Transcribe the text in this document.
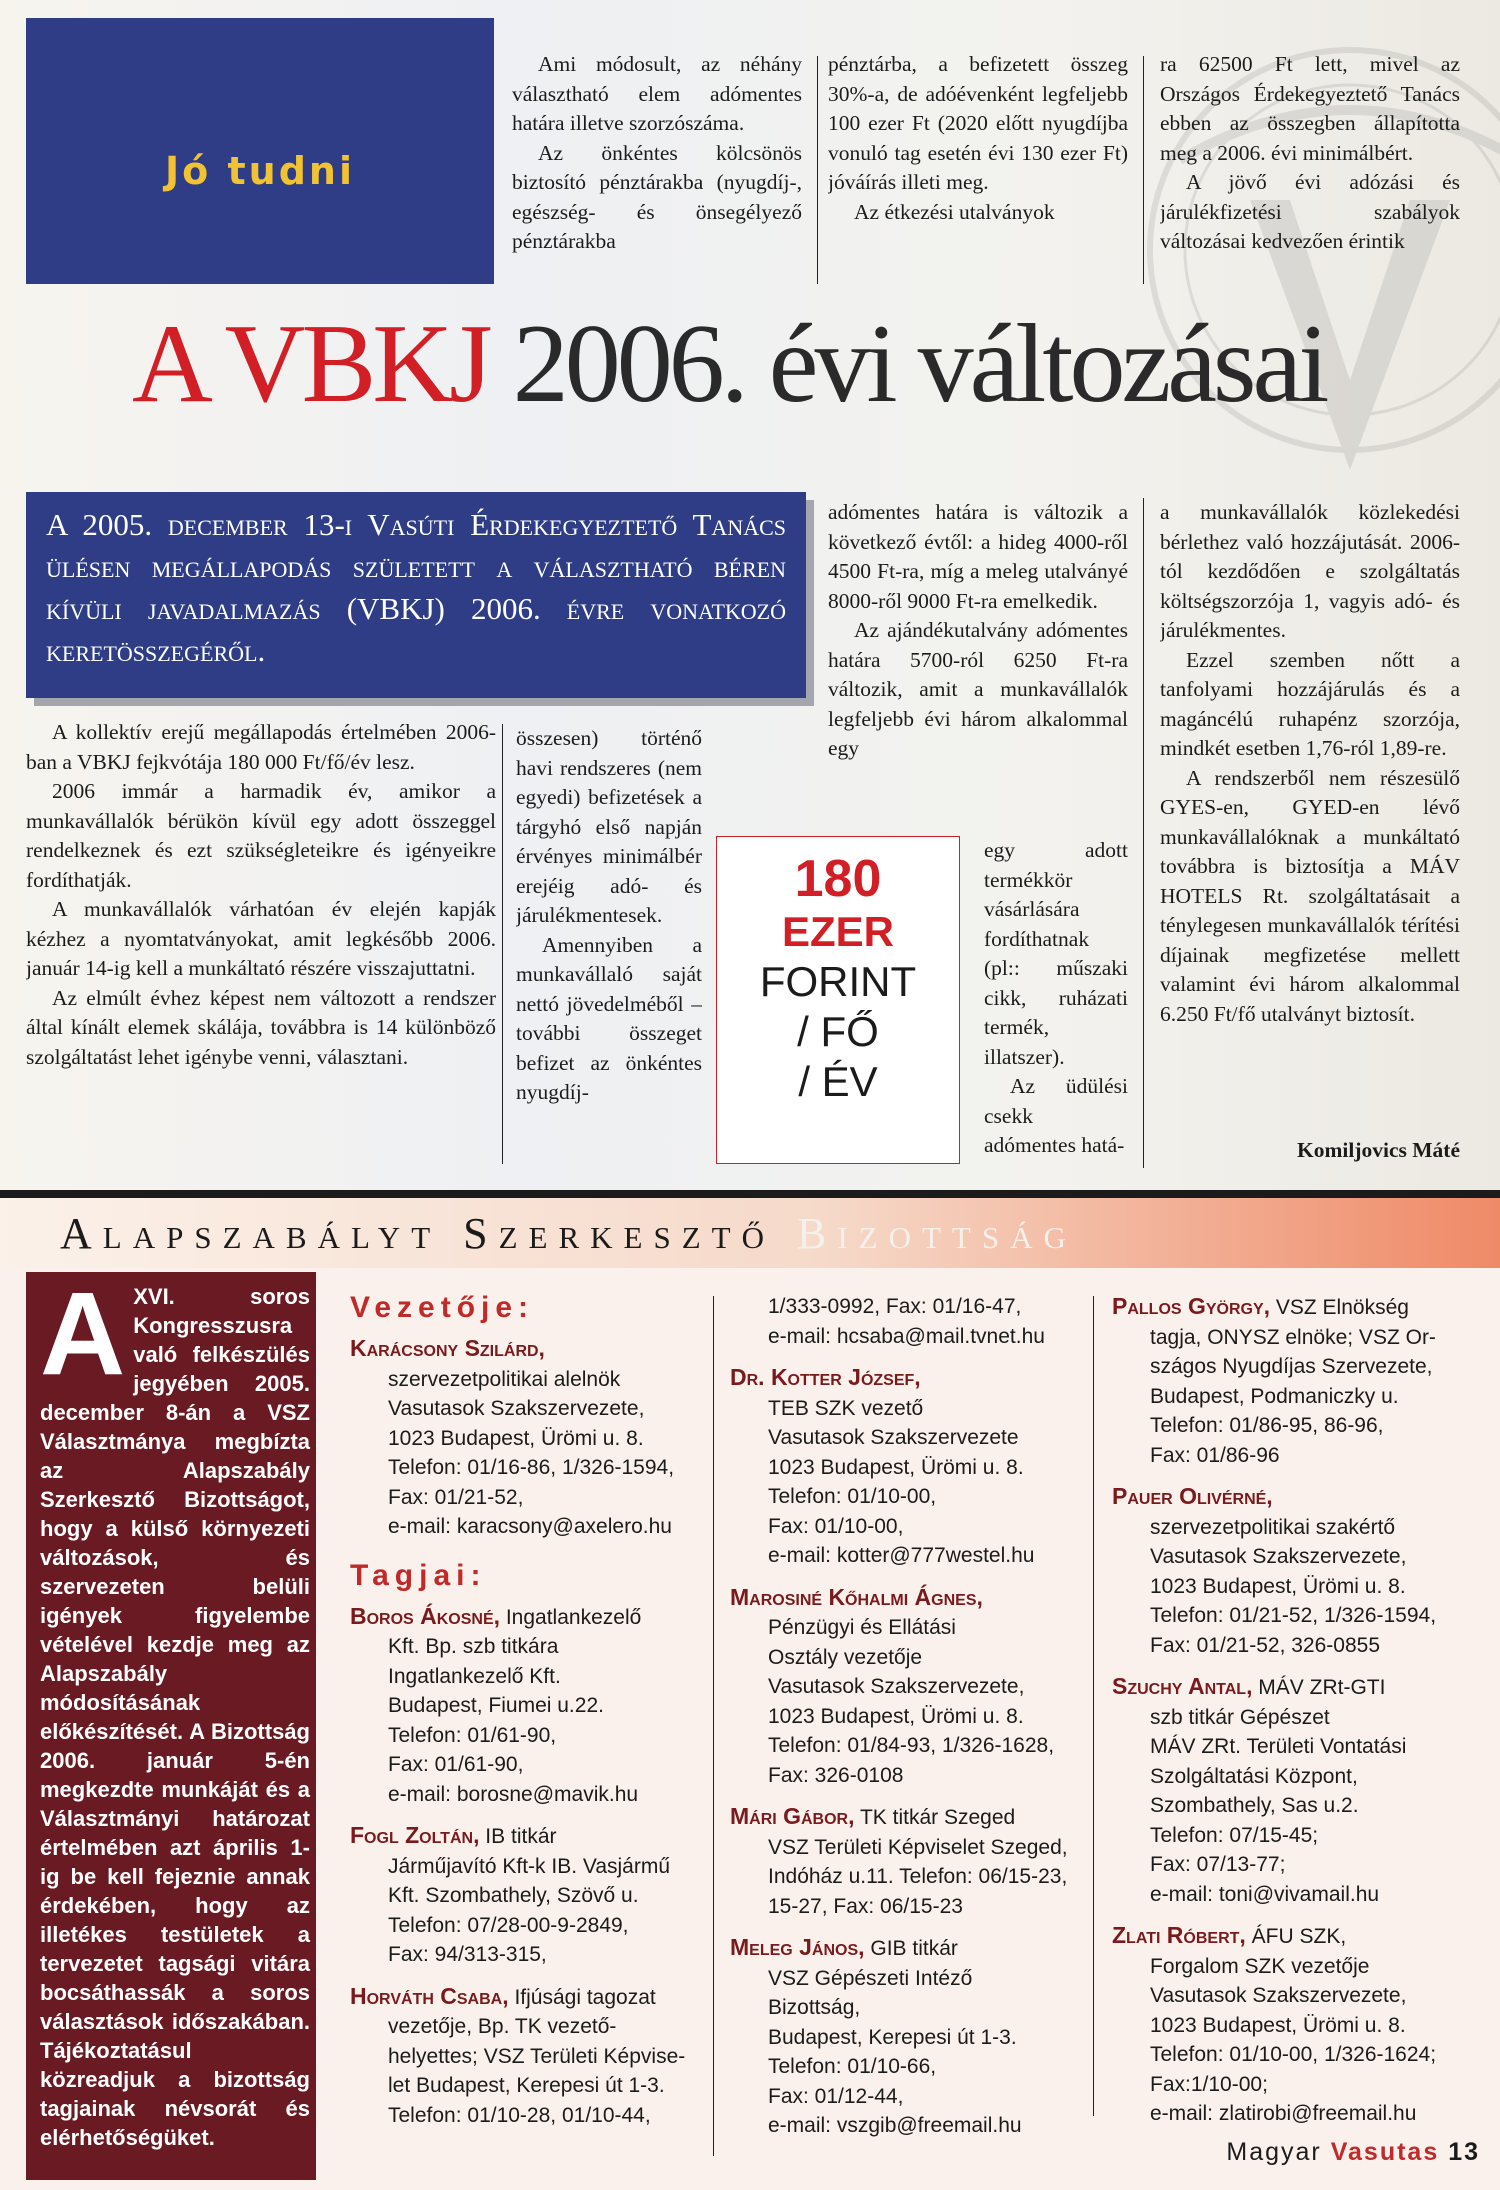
Jó tudni

Ami módosult, az néhány választható elem adómentes határa illetve szorzószáma.

Az önkéntes kölcsönös biztosító pénztárakba (nyugdíj-, egészség- és önsegélyező pénztárakba

pénztárba, a befizetett összeg 30%-a, de adóévenként legfeljebb 100 ezer Ft (2020 előtt nyugdíjba vonuló tag esetén évi 130 ezer Ft) jóváírás illeti meg.

Az étkezési utalványok

ra 62500 Ft lett, mivel az Országos Érdekegyeztető Tanács ebben az összegben állapította meg a 2006. évi minimálbért.

A jövő évi adózási és járulékfizetési szabályok változásai kedvezően érintik

A VBKJ 2006. évi változásai
A 2005. december 13-i Vasúti Érdekegyeztető Tanács ülésen megállapodás született a választható béren kívüli javadalmazás (VBKJ) 2006. évre vonatkozó keretösszegéről.

A kollektív erejű megállapodás értelmében 2006-ban a VBKJ fejkvótája 180 000 Ft/fő/év lesz.

2006 immár a harmadik év, amikor a munkavállalók bérükön kívül egy adott összeggel rendelkeznek és ezt szükségleteikre és igényeikre fordíthatják.

A munkavállalók várhatóan év elején kapják kézhez a nyomtatványokat, amit legkésőbb 2006. január 14-ig kell a munkáltató részére visszajuttatni.

Az elmúlt évhez képest nem változott a rendszer által kínált elemek skálája, továbbra is 14 különböző szolgáltatást lehet igénybe venni, választani.

összesen) történő havi rendszeres (nem egyedi) befizetések a tárgyhó első napján érvényes minimálbér erejéig adó- és járulékmentesek.

Amennyiben a munkavállaló saját nettó jövedelméből – további összeget befizet az önkéntes nyugdíj-

adómentes határa is változik a következő évtől: a hideg 4000-ről 4500 Ft-ra, míg a meleg utalványé 8000-ről 9000 Ft-ra emelkedik.

Az ajándékutalvány adómentes határa 5700-ról 6250 Ft-ra változik, amit a munkavállalók legfeljebb évi három alkalommal egy

egy adott termékkör vásárlására fordíthatnak (pl:: műszaki cikk, ruházati termék, illatszer).

Az üdülési csekk adómentes hatá-

a munkavállalók közlekedési bérlethez való hozzájutását. 2006-tól kezdődően e szolgáltatás költségszorzója 1, vagyis adó- és járulékmentes.

Ezzel szemben nőtt a tanfolyami hozzájárulás és a magáncélú ruhapénz szorzója, mindkét esetben 1,76-ról 1,89-re.

A rendszerből nem részesülő GYES-en, GYED-en lévő munkavállalóknak a munkáltató továbbra is biztosítja a MÁV HOTELS Rt. szolgáltatásait a ténylegesen munkavállalók térítési díjainak megfizetése mellett valamint évi három alkalommal 6.250 Ft/fő utalványt biztosít.

Komiljovics Máté
180
EZER
FORINT
/ FŐ
/ ÉV
Alapszabályt Szerkesztő Bizottság
A XVI. soros Kongresszusra való felkészülés jegyében 2005. december 8-án a VSZ Választmánya megbízta az Alapszabály Szerkesztő Bizottságot, hogy a külső környezeti változások, és szervezeten belüli igények figyelembe vételével kezdje meg az Alapszabály módosításának előkészítését. A Bizottság 2006. január 5-én megkezdte munkáját és a Választmányi határozat értelmében azt április 1-ig be kell fejeznie annak érdekében, hogy az illetékes testületek a tervezetet tagsági vitára bocsáthassák a soros választások időszakában. Tájékoztatásul közreadjuk a bizottság tagjainak névsorát és elérhetőségüket.
Vezetője:
Karácsony Szilárd,
szervezetpolitikai alelnök
Vasutasok Szakszervezete,
1023 Budapest, Ürömi u. 8.
Telefon: 01/16-86, 1/326-1594,
Fax: 01/21-52,
e-mail: karacsony@axelero.hu
Tagjai:
Boros Ákosné, Ingatlankezelő
Kft. Bp. szb titkára
Ingatlankezelő Kft.
Budapest, Fiumei u.22.
Telefon: 01/61-90,
Fax: 01/61-90,
e-mail: borosne@mavik.hu
Fogl Zoltán, IB titkár
Járműjavító Kft-k IB. Vasjármű
Kft. Szombathely, Szövő u.
Telefon: 07/28-00-9-2849,
Fax: 94/313-315,
Horváth Csaba, Ifjúsági tagozat
vezetője, Bp. TK vezető-
helyettes; VSZ Területi Képvise-
let Budapest, Kerepesi út 1-3.
Telefon: 01/10-28, 01/10-44,
1/333-0992, Fax: 01/16-47,
e-mail: hcsaba@mail.tvnet.hu
Dr. Kotter József,
TEB SZK vezető
Vasutasok Szakszervezete
1023 Budapest, Ürömi u. 8.
Telefon: 01/10-00,
Fax: 01/10-00,
e-mail: kotter@777westel.hu
Marosiné Kőhalmi Ágnes,
Pénzügyi és Ellátási
Osztály vezetője
Vasutasok Szakszervezete,
1023 Budapest, Ürömi u. 8.
Telefon: 01/84-93, 1/326-1628,
Fax: 326-0108
Mári Gábor, TK titkár Szeged
VSZ Területi Képviselet Szeged,
Indóház u.11. Telefon: 06/15-23,
15-27, Fax: 06/15-23
Meleg János, GIB titkár
VSZ Gépészeti Intéző
Bizottság,
Budapest, Kerepesi út 1-3.
Telefon: 01/10-66,
Fax: 01/12-44,
e-mail: vszgib@freemail.hu
Pallos György, VSZ Elnökség
tagja, ONYSZ elnöke; VSZ Or-
szágos Nyugdíjas Szervezete,
Budapest, Podmaniczky u.
Telefon: 01/86-95, 86-96,
Fax: 01/86-96
Pauer Olivérné,
szervezetpolitikai szakértő
Vasutasok Szakszervezete,
1023 Budapest, Ürömi u. 8.
Telefon: 01/21-52, 1/326-1594,
Fax: 01/21-52, 326-0855
Szuchy Antal, MÁV ZRt-GTI
szb titkár Gépészet
MÁV ZRt. Területi Vontatási
Szolgáltatási Központ,
Szombathely, Sas u.2.
Telefon: 07/15-45;
Fax: 07/13-77;
e-mail: toni@vivamail.hu
Zlati Róbert, ÁFU SZK,
Forgalom SZK vezetője
Vasutasok Szakszervezete,
1023 Budapest, Ürömi u. 8.
Telefon: 01/10-00, 1/326-1624;
Fax:1/10-00;
e-mail: zlatirobi@freemail.hu
Magyar Vasutas 13
